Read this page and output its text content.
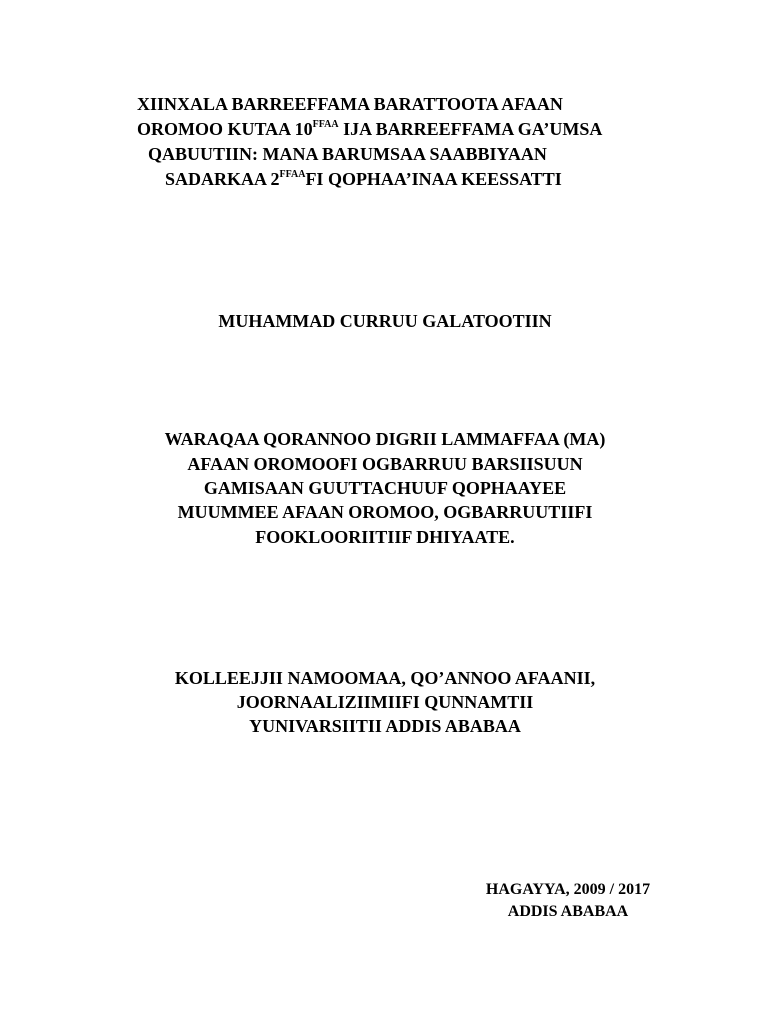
XIINXALA BARREEFFAMA BARATTOOTA AFAAN
OROMOO KUTAA $10^{FFAA}$ IJA BARREEFFAMA GA’UMSA
QABUUTIIN: MANA BARUMSAA SAABBIYAAN
SADARKAA $2^{FFAA}FI$ QOPHAA’INAA KEESSATTI
MUHAMMAD CURRUU GALATOOTIIN
WARAQAA QORANNOO DIGRII LAMMAFFAA (MA)
AFAAN OROMOOFI OGBARRUU BARSIISUUN
GAMISAAN GUUTTACHUUF QOPHAAYEE
MUUMMEE AFAAN OROMOO, OGBARRUUTIIFI
FOOKLOORIITIIF DHIYAATE.
KOLLEEJJII NAMOOMAA, QO’ANNOO AFAANII,
JOORNAALIZIIMIIFI QUNNAMTII
YUNIVARSIITII ADDIS ABABAA
HAGAYYA, 2009 / 2017
ADDIS ABABAA
